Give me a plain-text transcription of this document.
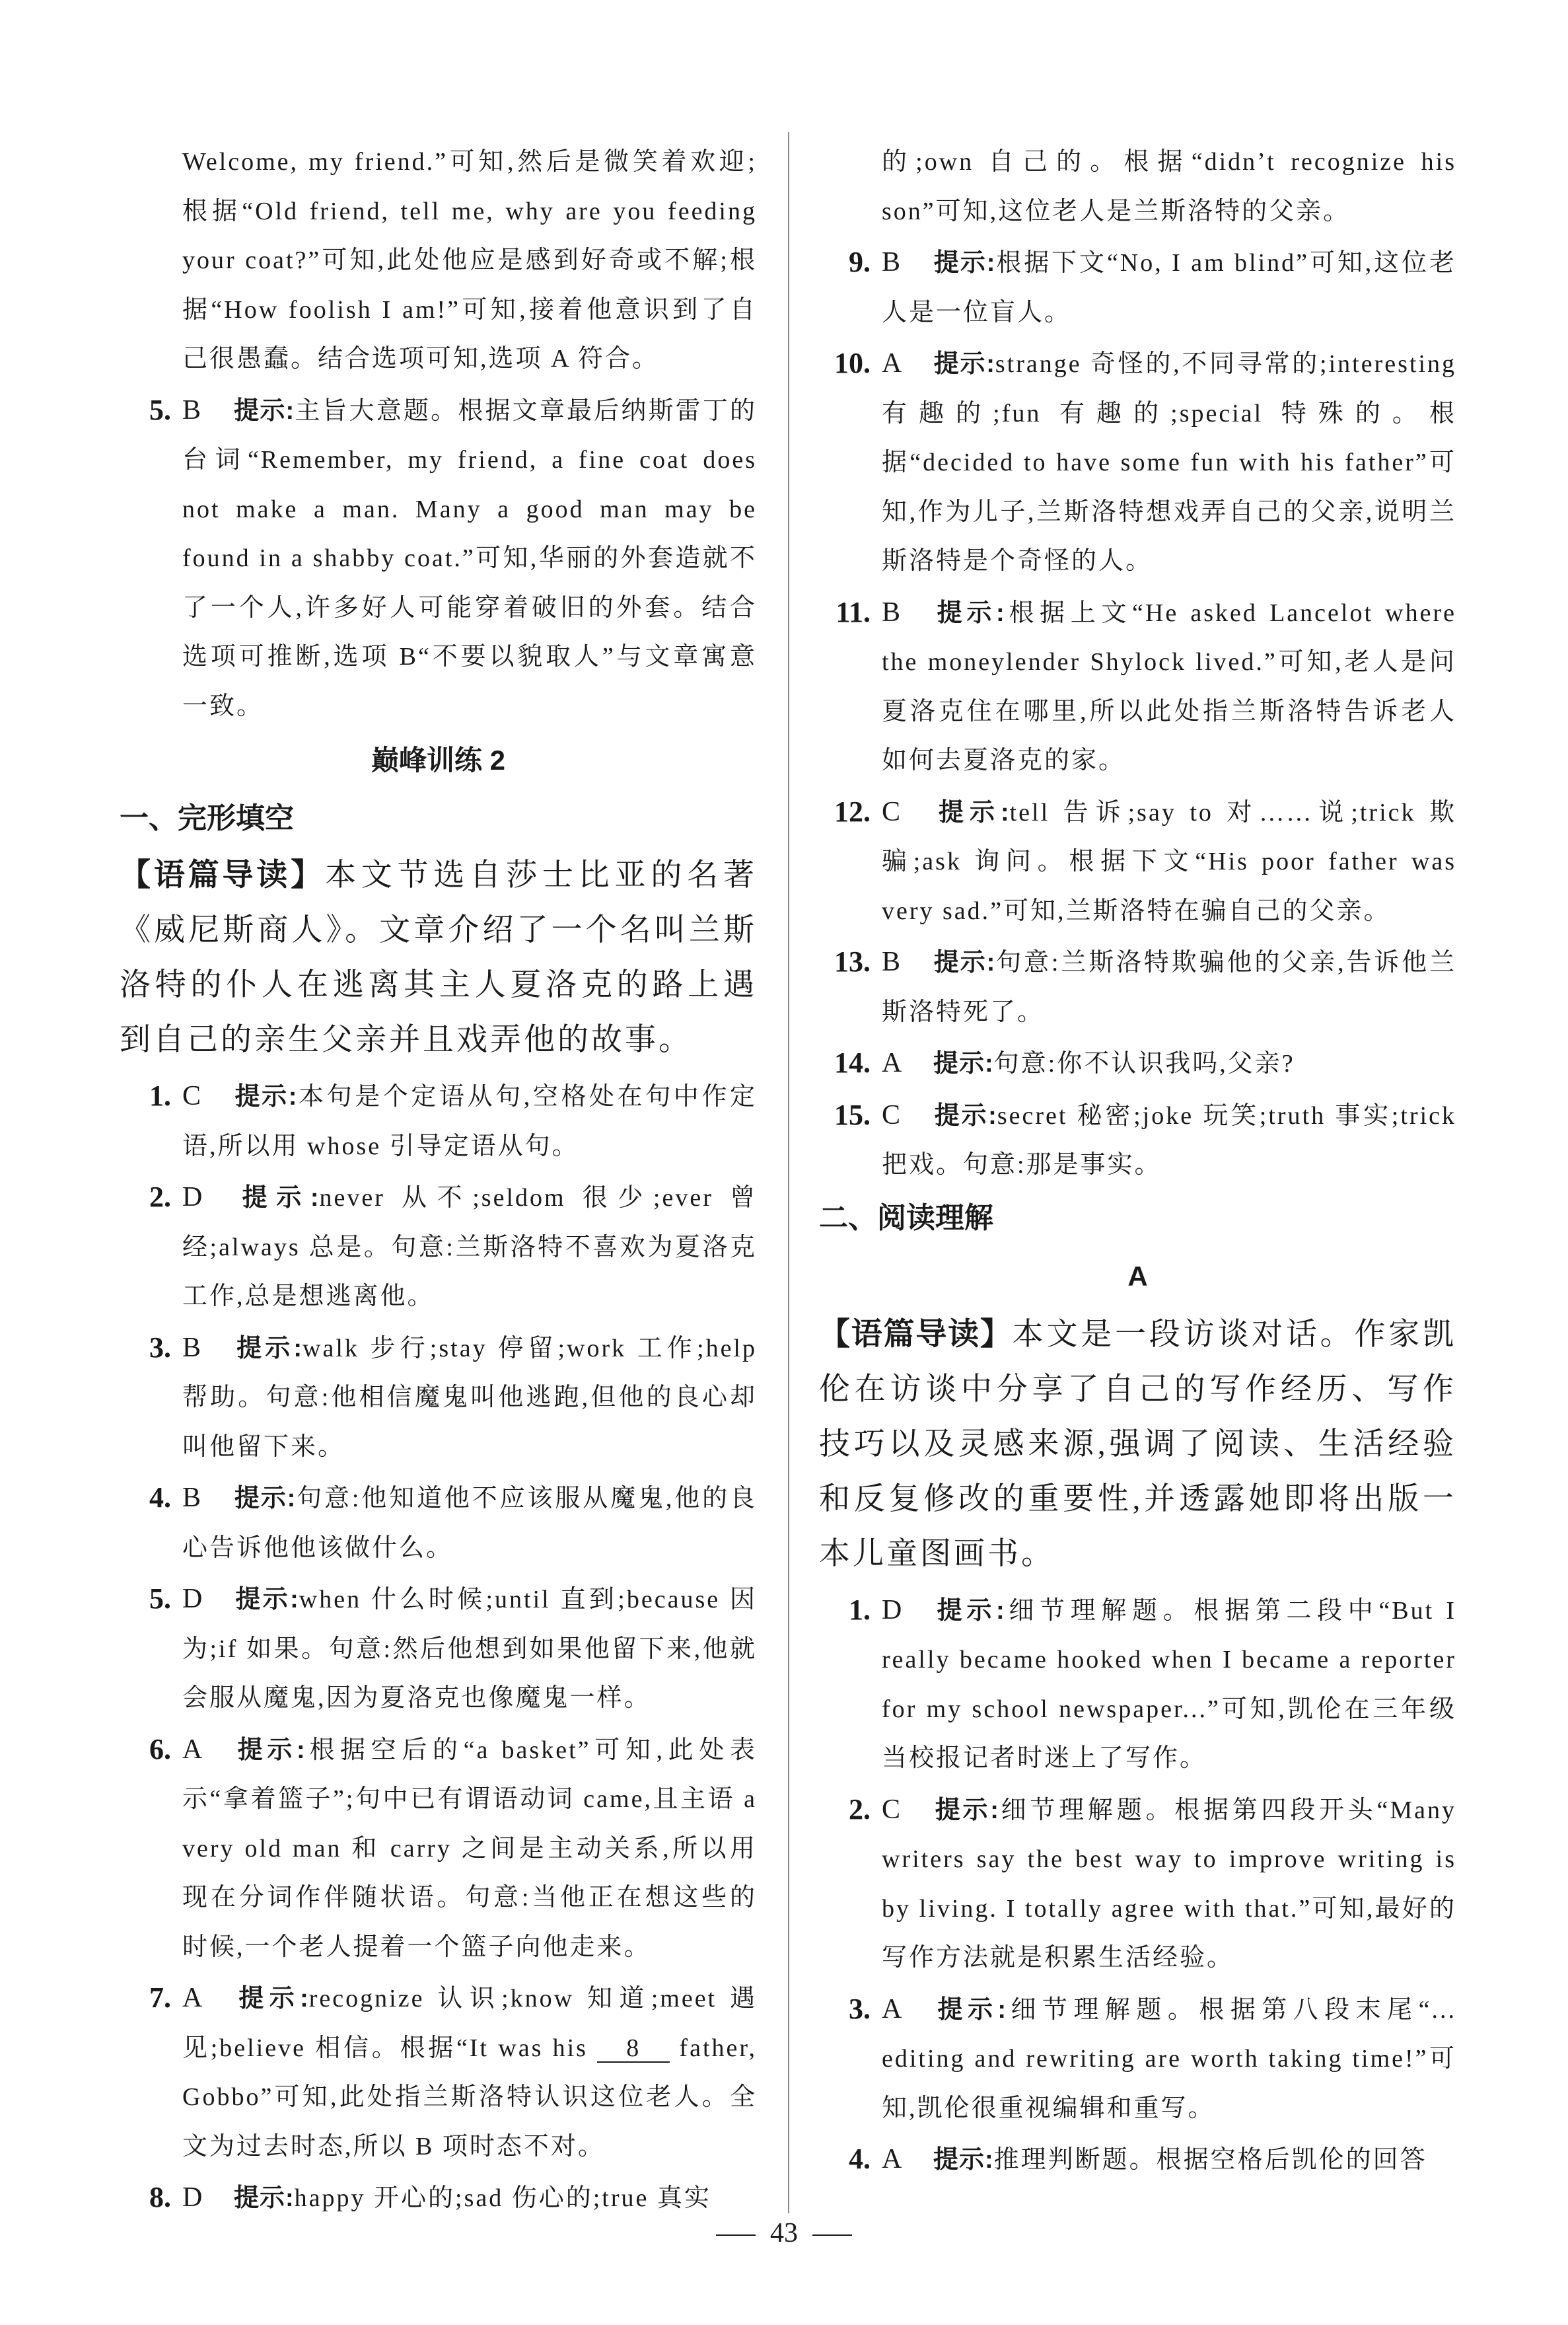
Welcome, my friend.”可知,然后是微笑着欢迎;根据“Old friend, tell me, why are you feeding your coat?”可知,此处他应是感到好奇或不解;根据“How foolish I am!”可知,接着他意识到了自己很愚蠢。结合选项可知,选项 A 符合。
5. B 提示:主旨大意题。根据文章最后纳斯雷丁的台词“Remember, my friend, a fine coat does not make a man. Many a good man may be found in a shabby coat.”可知,华丽的外套造就不了一个人,许多好人可能穿着破旧的外套。结合选项可推断,选项 B“不要以貌取人”与文章寓意一致。
巅峰训练 2
一、完形填空
【语篇导读】本文节选自莎士比亚的名著《威尼斯商人》。文章介绍了一个名叫兰斯洛特的仆人在逃离其主人夏洛克的路上遇到自己的亲生父亲并且戏弄他的故事。
1. C 提示:本句是个定语从句,空格处在句中作定语,所以用 whose 引导定语从句。
2. D 提示:never 从不;seldom 很少;ever 曾经;always 总是。句意:兰斯洛特不喜欢为夏洛克工作,总是想逃离他。
3. B 提示:walk 步行;stay 停留;work 工作;help 帮助。句意:他相信魔鬼叫他逃跑,但他的良心却叫他留下来。
4. B 提示:句意:他知道他不应该服从魔鬼,他的良心告诉他他该做什么。
5. D 提示:when 什么时候;until 直到;because 因为;if 如果。句意:然后他想到如果他留下来,他就会服从魔鬼,因为夏洛克也像魔鬼一样。
6. A 提示:根据空后的“a basket”可知,此处表示“拿着篮子”;句中已有谓语动词 came,且主语 a very old man 和 carry 之间是主动关系,所以用现在分词作伴随状语。句意:当他正在想这些的时候,一个老人提着一个篮子向他走来。
7. A 提示:recognize 认识;know 知道;meet 遇见;believe 相信。根据“It was his 8 father, Gobbo”可知,此处指兰斯洛特认识这位老人。全文为过去时态,所以 B 项时态不对。
8. D 提示:happy 开心的;sad 伤心的;true 真实
的;own 自己的。根据“didn’t recognize his son”可知,这位老人是兰斯洛特的父亲。
9. B 提示:根据下文“No, I am blind”可知,这位老人是一位盲人。
10. A 提示:strange 奇怪的,不同寻常的;interesting 有趣的;fun 有趣的;special 特殊的。根据“decided to have some fun with his father”可知,作为儿子,兰斯洛特想戏弄自己的父亲,说明兰斯洛特是个奇怪的人。
11. B 提示:根据上文“He asked Lancelot where the moneylender Shylock lived.”可知,老人是问夏洛克住在哪里,所以此处指兰斯洛特告诉老人如何去夏洛克的家。
12. C 提示:tell 告诉;say to 对……说;trick 欺骗;ask 询问。根据下文“His poor father was very sad.”可知,兰斯洛特在骗自己的父亲。
13. B 提示:句意:兰斯洛特欺骗他的父亲,告诉他兰斯洛特死了。
14. A 提示:句意:你不认识我吗,父亲?
15. C 提示:secret 秘密;joke 玩笑;truth 事实;trick 把戏。句意:那是事实。
二、阅读理解
A
【语篇导读】本文是一段访谈对话。作家凯伦在访谈中分享了自己的写作经历、写作技巧以及灵感来源,强调了阅读、生活经验和反复修改的重要性,并透露她即将出版一本儿童图画书。
1. D 提示:细节理解题。根据第二段中“But I really became hooked when I became a reporter for my school newspaper...”可知,凯伦在三年级当校报记者时迷上了写作。
2. C 提示:细节理解题。根据第四段开头“Many writers say the best way to improve writing is by living. I totally agree with that.”可知,最好的写作方法就是积累生活经验。
3. A 提示:细节理解题。根据第八段末尾“... editing and rewriting are worth taking time!”可知,凯伦很重视编辑和重写。
4. A 提示:推理判断题。根据空格后凯伦的回答
43
